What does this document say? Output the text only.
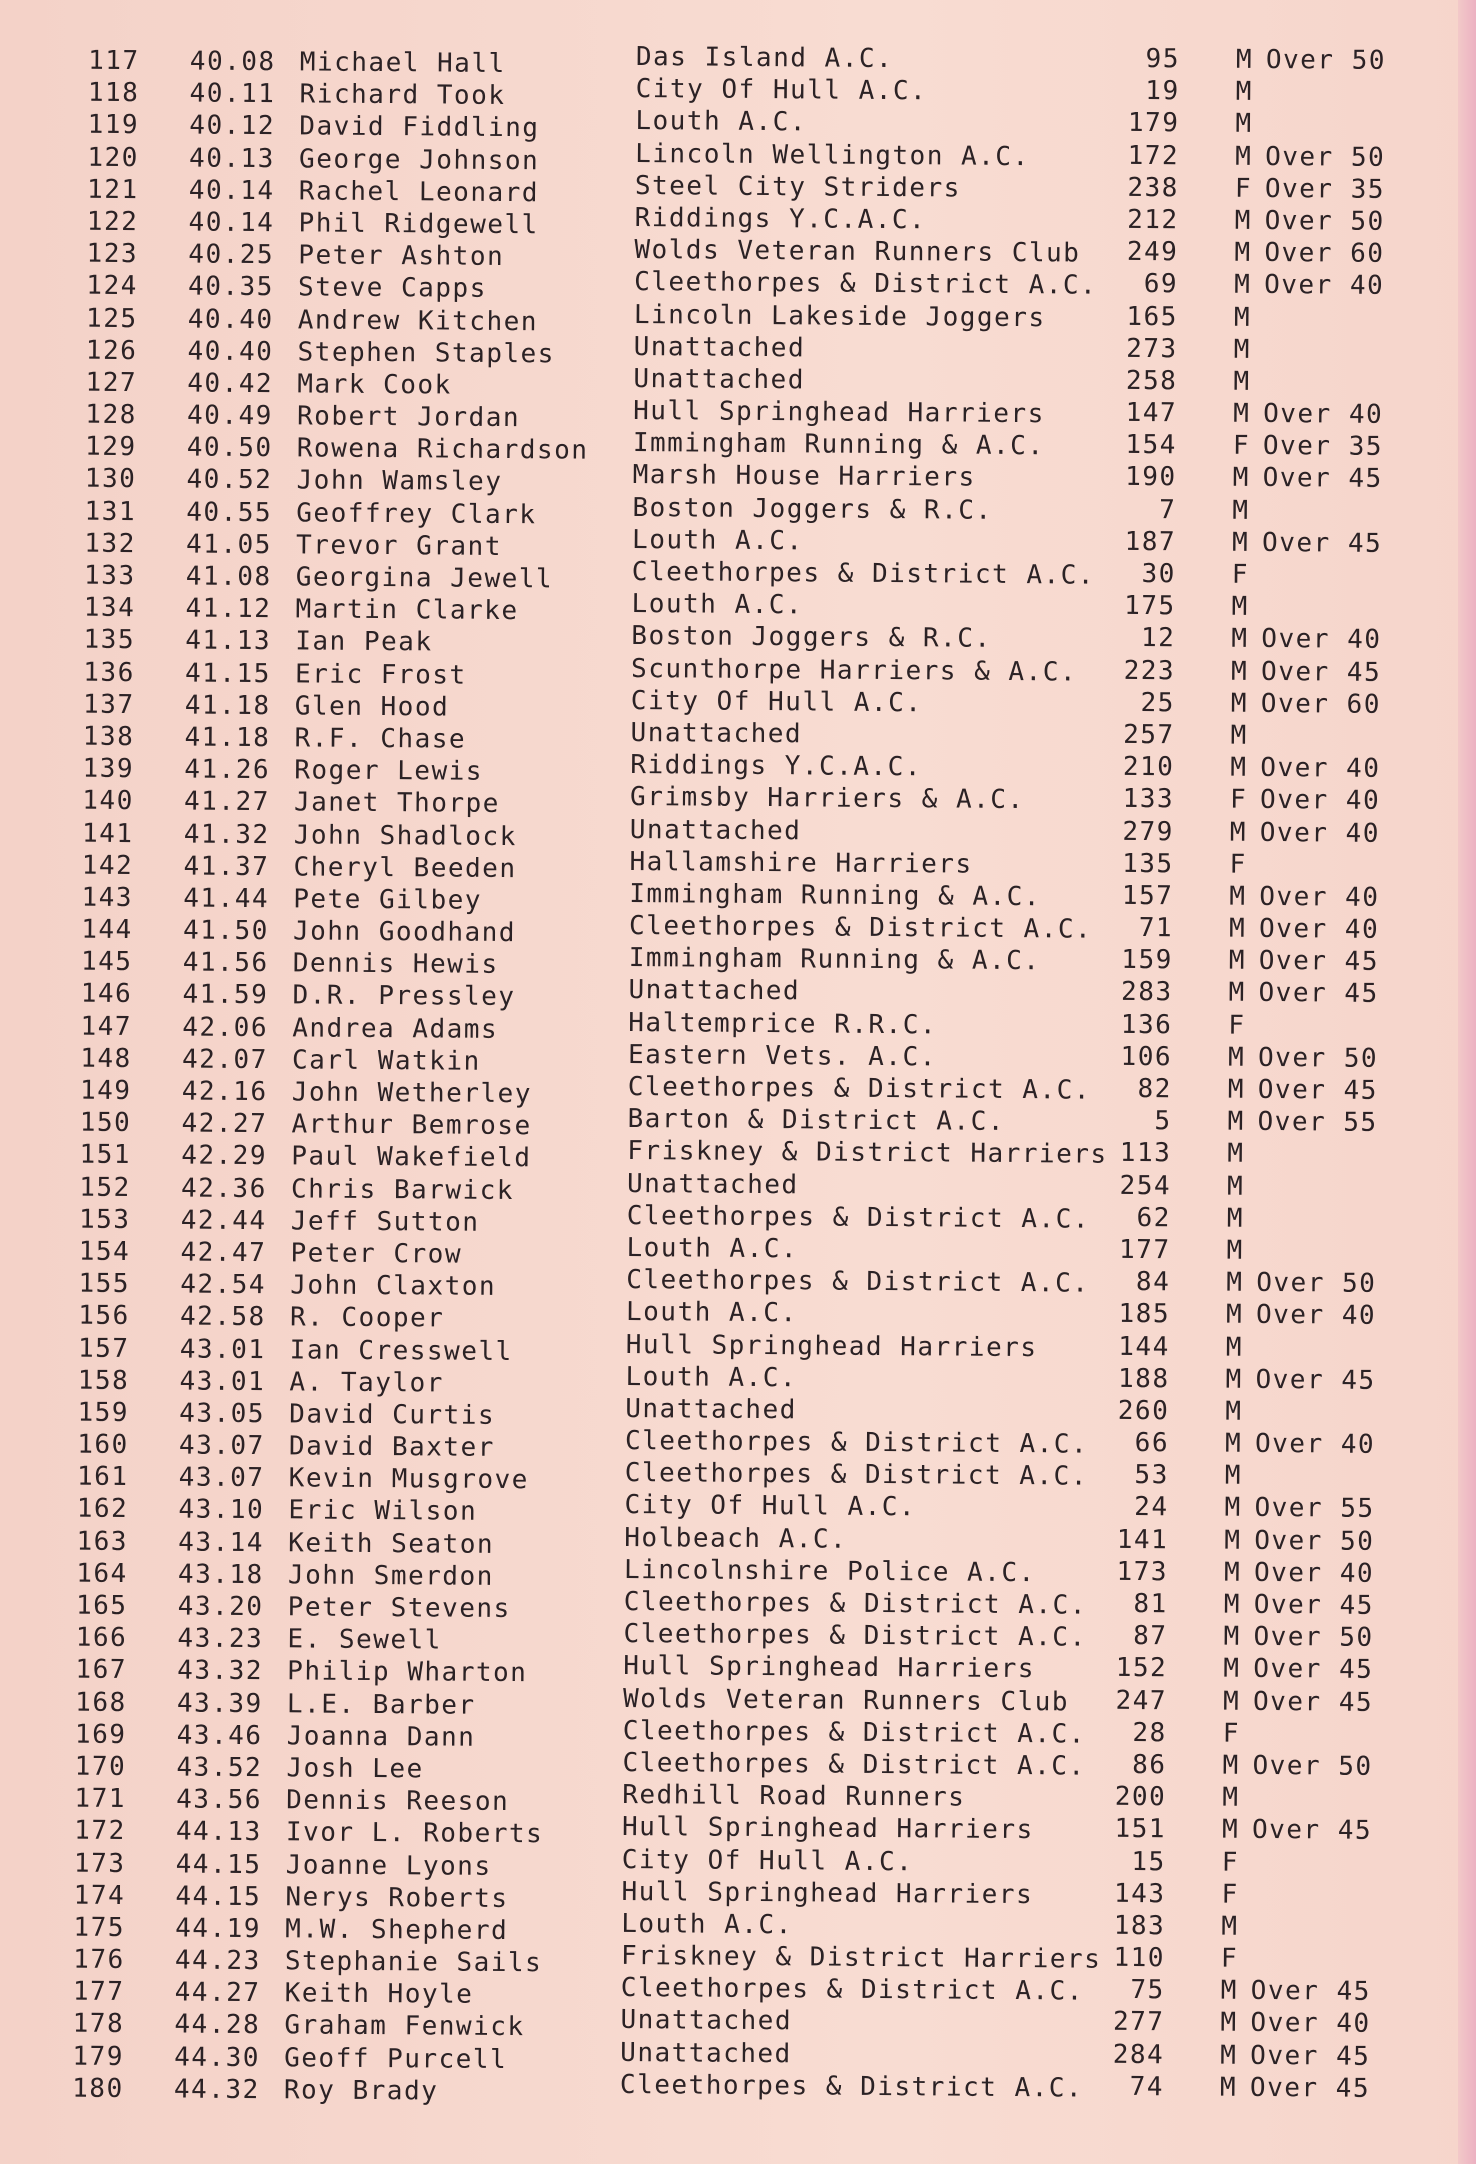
117 40.08 Michael Hall	Das Island A.C.	95 M Over 50
118 40.11 Richard Took	City Of Hull A.C.	19 M
119 40.12 David Fiddling	Louth A.C.	179 M
120 40.13 George Johnson	Lincoln Wellington A.C.	172 M Over 50
121 40.14 Rachel Leonard	Steel City Striders	238 F Over 35
122 40.14 Phil Ridgewell	Riddings Y.C.A.C.	212 M Over 50
123 40.25 Peter Ashton	Wolds Veteran Runners Club	249 M Over 60
124 40.35 Steve Capps	Cleethorpes & District A.C.	69 M Over 40
125 40.40 Andrew Kitchen	Lincoln Lakeside Joggers	165 M
126 40.40 Stephen Staples	Unattached	273 M
127 40.42 Mark Cook	Unattached	258 M
128 40.49 Robert Jordan	Hull Springhead Harriers	147 M Over 40
129 40.50 Rowena Richardson Immingham Running & A.C.	154 F Over 35
130 40.52 John Wamsley	Marsh House Harriers	190 M Over 45
131 40.55 Geoffrey Clark	Boston Joggers & R.C.	7 M
132 41.05 Trevor Grant	Louth A.C.	187 M Over 45
133 41.08 Georgina Jewell	Cleethorpes & District A.C.	30 F
134 41.12 Martin Clarke	Louth A.C.	175 M
135 41.13 Ian Peak	Boston Joggers & R.C.	12 M Over 40
136 41.15 Eric Frost	Scunthorpe Harriers & A.C.	223 M Over 45
137 41.18 Glen Hood	City Of Hull A.C.	25 M Over 60
138 41.18 R.F. Chase	Unattached	257 M
139 41.26 Roger Lewis	Riddings Y.C.A.C.	210 M Over 40
140 41.27 Janet Thorpe	Grimsby Harriers & A.C.	133 F Over 40
141 41.32 John Shadlock	Unattached	279 M Over 40
142 41.37 Cheryl Beeden	Hallamshire Harriers	135 F
143 41.44 Pete Gilbey	Immingham Running & A.C.	157 M Over 40
144 41.50 John Goodhand	Cleethorpes & District A.C.	71 M Over 40
145 41.56 Dennis Hewis	Immingham Running & A.C.	159 M Over 45
146 41.59 D.R. Pressley	Unattached	283 M Over 45
147 42.06 Andrea Adams	Haltemprice R.R.C.	136 F
148 42.07 Carl Watkin	Eastern Vets. A.C.	106 M Over 50
149 42.16 John Wetherley	Cleethorpes & District A.C.	82 M Over 45
150 42.27 Arthur Bemrose	Barton & District A.C.	5 M Over 55
151 42.29 Paul Wakefield	Friskney & District Harriers 113 M
152 42.36 Chris Barwick	Unattached	254 M
153 42.44 Jeff Sutton	Cleethorpes & District A.C.	62 M
154 42.47 Peter Crow	Louth A.C.	177 M
155 42.54 John Claxton	Cleethorpes & District A.C.	84 M Over 50
156 42.58 R. Cooper	Louth A.C.	185 M Over 40
157 43.01 Ian Cresswell	Hull Springhead Harriers	144 M
158 43.01 A. Taylor	Louth A.C.	188 M Over 45
159 43.05 David Curtis	Unattached	260 M
160 43.07 David Baxter	Cleethorpes & District A.C.	66 M Over 40
161 43.07 Kevin Musgrove	Cleethorpes & District A.C.	53 M
162 43.10 Eric Wilson	City Of Hull A.C.	24 M Over 55
163 43.14 Keith Seaton	Holbeach A.C.	141 M Over 50
164 43.18 John Smerdon	Lincolnshire Police A.C.	173 M Over 40
165 43.20 Peter Stevens	Cleethorpes & District A.C.	81 M Over 45
166 43.23 E. Sewell	Cleethorpes & District A.C.	87 M Over 50
167 43.32 Philip Wharton	Hull Springhead Harriers	152 M Over 45
168 43.39 L.E. Barber	Wolds Veteran Runners Club	247 M Over 45
169 43.46 Joanna Dann	Cleethorpes & District A.C.	28 F
170 43.52 Josh Lee	Cleethorpes & District A.C.	86 M Over 50
171 43.56 Dennis Reeson	Redhill Road Runners	200 M
172 44.13 Ivor L. Roberts	Hull Springhead Harriers	151 M Over 45
173 44.15 Joanne Lyons	City Of Hull A.C.	15 F
174 44.15 Nerys Roberts	Hull Springhead Harriers	143 F
175 44.19 M.W. Shepherd	Louth A.C.	183 M
176 44.23 Stephanie Sails	Friskney & District Harriers 110 F
177 44.27 Keith Hoyle	Cleethorpes & District A.C.	75 M Over 45
178 44.28 Graham Fenwick	Unattached	277 M Over 40
179 44.30 Geoff Purcell	Unattached	284 M Over 45
180 44.32 Roy Brady	Cleethorpes & District A.C.	74 M Over 45
